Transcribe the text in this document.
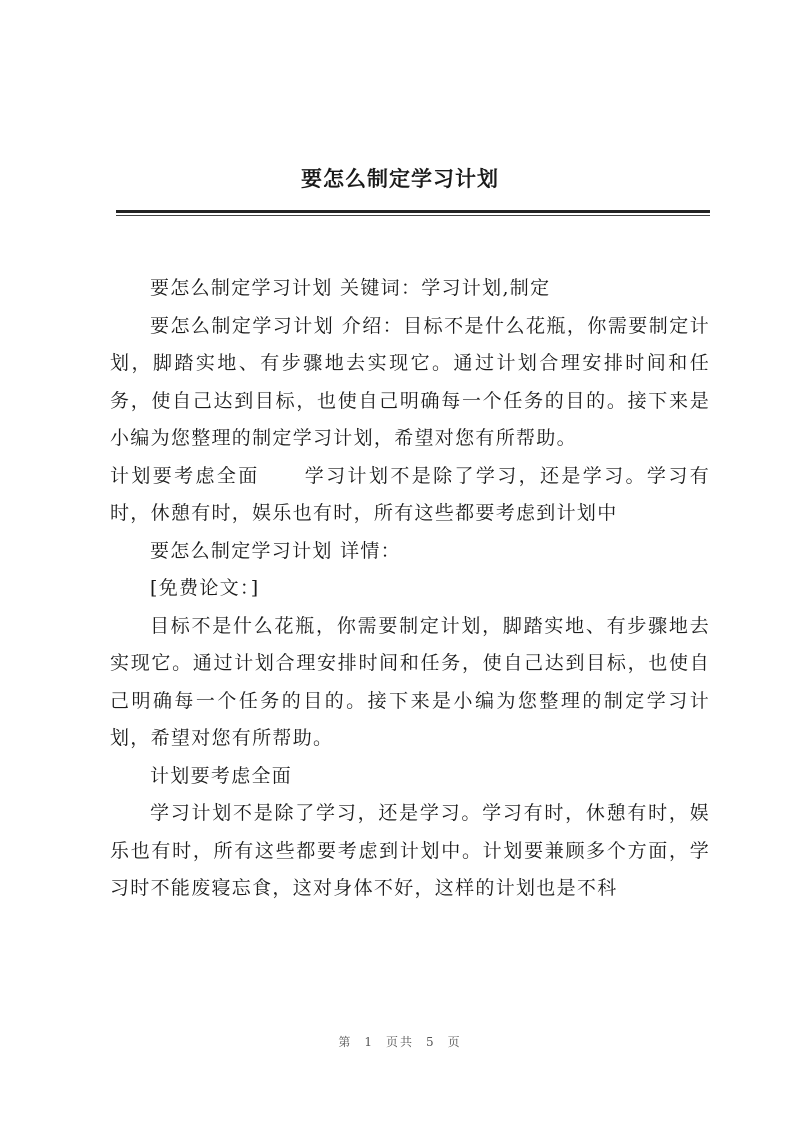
要怎么制定学习计划

要怎么制定学习计划 关键词：学习计划,制定

要怎么制定学习计划 介绍：目标不是什么花瓶，你需要制定计划，脚踏实地、有步骤地去实现它。通过计划合理安排时间和任务，使自己达到目标，也使自己明确每一个任务的目的。接下来是小编为您整理的制定学习计划，希望对您有所帮助。

计划要考虑全面 学习计划不是除了学习，还是学习。学习有时，休憩有时，娱乐也有时，所有这些都要考虑到计划中

要怎么制定学习计划 详情：

[免费论文：]

目标不是什么花瓶，你需要制定计划，脚踏实地、有步骤地去实现它。通过计划合理安排时间和任务，使自己达到目标，也使自己明确每一个任务的目的。接下来是小编为您整理的制定学习计划，希望对您有所帮助。

计划要考虑全面

学习计划不是除了学习，还是学习。学习有时，休憩有时，娱乐也有时，所有这些都要考虑到计划中。计划要兼顾多个方面，学习时不能废寝忘食，这对身体不好，这样的计划也是不科

第 1 页共 5 页
